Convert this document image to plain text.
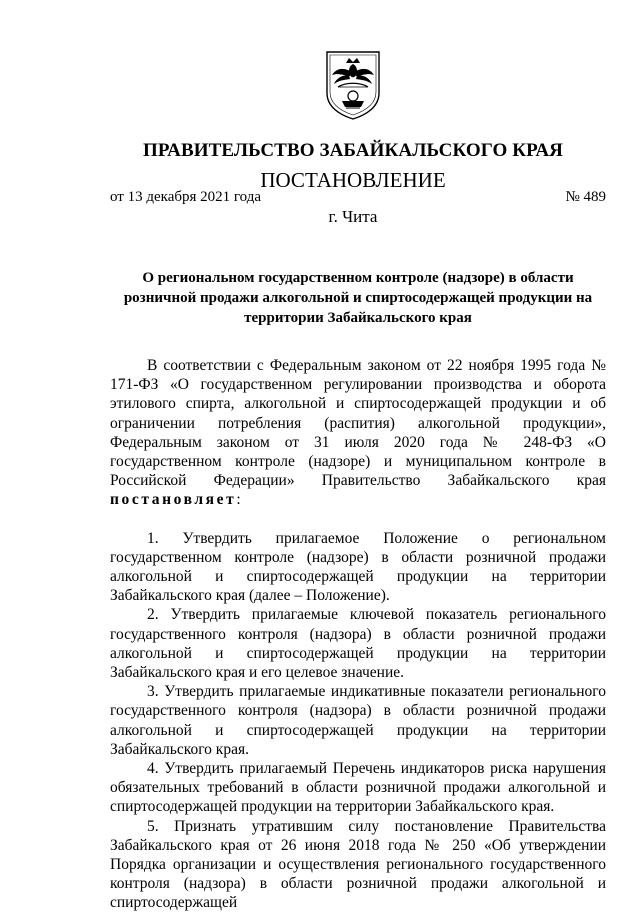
ПРАВИТЕЛЬСТВО ЗАБАЙКАЛЬСКОГО КРАЯ
ПОСТАНОВЛЕНИЕ
от 13 декабря 2021 года	№ 489
г. Чита
О региональном государственном контроле (надзоре) в области розничной продажи алкогольной и спиртосодержащей продукции на территории Забайкальского края

В соответствии с Федеральным законом от 22 ноября 1995 года № 171-ФЗ «О государственном регулировании производства и оборота этилового спирта, алкогольной и спиртосодержащей продукции и об ограничении потребления (распития) алкогольной продукции», Федеральным законом от 31 июля 2020 года № 248-ФЗ «О государственном контроле (надзоре) и муниципальном контроле в Российской Федерации» Правительство Забайкальского края постановляет:

1. Утвердить прилагаемое Положение о региональном государственном контроле (надзоре) в области розничной продажи алкогольной и спиртосодержащей продукции на территории Забайкальского края (далее – Положение).

2. Утвердить прилагаемые ключевой показатель регионального государственного контроля (надзора) в области розничной продажи алкогольной и спиртосодержащей продукции на территории Забайкальского края и его целевое значение.

3. Утвердить прилагаемые индикативные показатели регионального государственного контроля (надзора) в области розничной продажи алкогольной и спиртосодержащей продукции на территории Забайкальского края.

4. Утвердить прилагаемый Перечень индикаторов риска нарушения обязательных требований в области розничной продажи алкогольной и спиртосодержащей продукции на территории Забайкальского края.

5. Признать утратившим силу постановление Правительства Забайкальского края от 26 июня 2018 года № 250 «Об утверждении Порядка организации и осуществления регионального государственного контроля (надзора) в области розничной продажи алкогольной и спиртосодержащей
